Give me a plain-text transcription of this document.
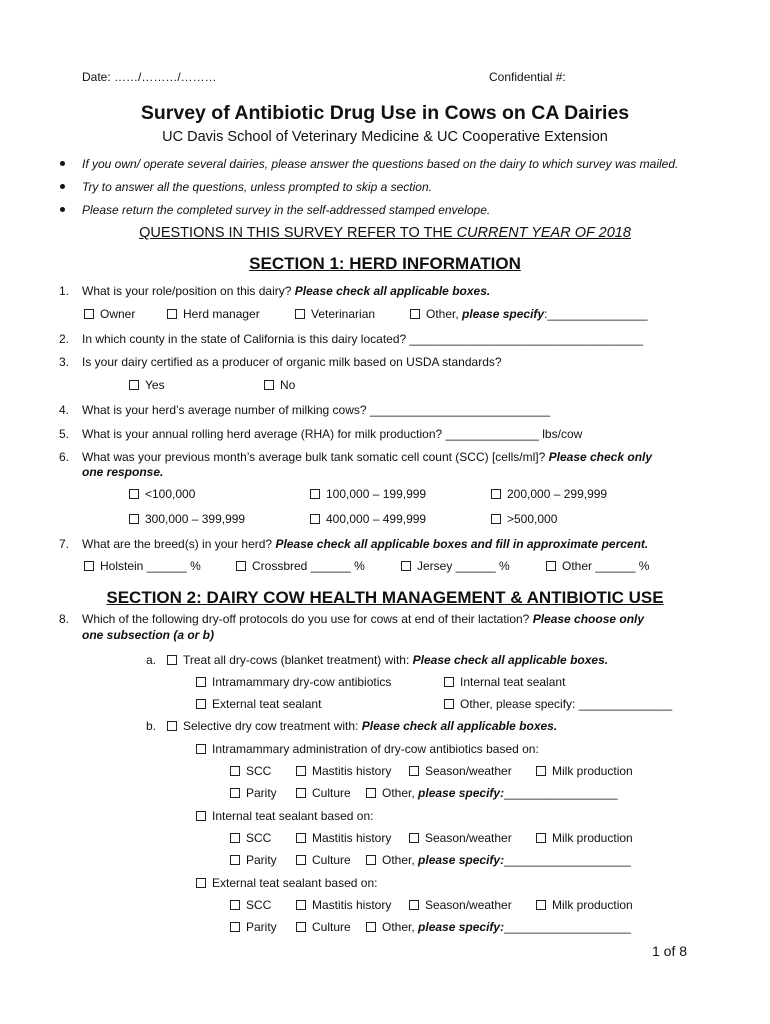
Date: ……/………/………	Confidential #:
Survey of Antibiotic Drug Use in Cows on CA Dairies
UC Davis School of Veterinary Medicine & UC Cooperative Extension
If you own/ operate several dairies, please answer the questions based on the dairy to which survey was mailed.
Try to answer all the questions, unless prompted to skip a section.
Please return the completed survey in the self-addressed stamped envelope.
QUESTIONS IN THIS SURVEY REFER TO THE CURRENT YEAR OF 2018
SECTION 1: HERD INFORMATION
1. What is your role/position on this dairy? Please check all applicable boxes.
Owner	Herd manager	Veterinarian	Other, please specify:_______________
2. In which county in the state of California is this dairy located? ___________________________________
3. Is your dairy certified as a producer of organic milk based on USDA standards?
Yes	No
4. What is your herd’s average number of milking cows? ___________________________
5. What is your annual rolling herd average (RHA) for milk production? ______________ lbs/cow
6. What was your previous month’s average bulk tank somatic cell count (SCC) [cells/ml]? Please check only
one response.
<100,000	100,000 – 199,999	200,000 – 299,999
300,000 – 399,999	400,000 – 499,999	>500,000
7. What are the breed(s) in your herd? Please check all applicable boxes and fill in approximate percent.
Holstein ______ %	Crossbred ______ %	Jersey ______ %	Other ______ %
SECTION 2: DAIRY COW HEALTH MANAGEMENT & ANTIBIOTIC USE
8. Which of the following dry-off protocols do you use for cows at end of their lactation? Please choose only
one subsection (a or b)
a.	Treat all dry-cows (blanket treatment) with: Please check all applicable boxes.
Intramammary dry-cow antibiotics	Internal teat sealant
External teat sealant	Other, please specify: ______________
b.	Selective dry cow treatment with: Please check all applicable boxes.
Intramammary administration of dry-cow antibiotics based on:
SCC	Mastitis history	Season/weather	Milk production
Parity	Culture	Other, please specify:_________________
Internal teat sealant based on:
SCC	Mastitis history	Season/weather	Milk production
Parity	Culture	Other, please specify:___________________
External teat sealant based on:
SCC	Mastitis history	Season/weather	Milk production
Parity	Culture	Other, please specify:___________________
1 of 8
